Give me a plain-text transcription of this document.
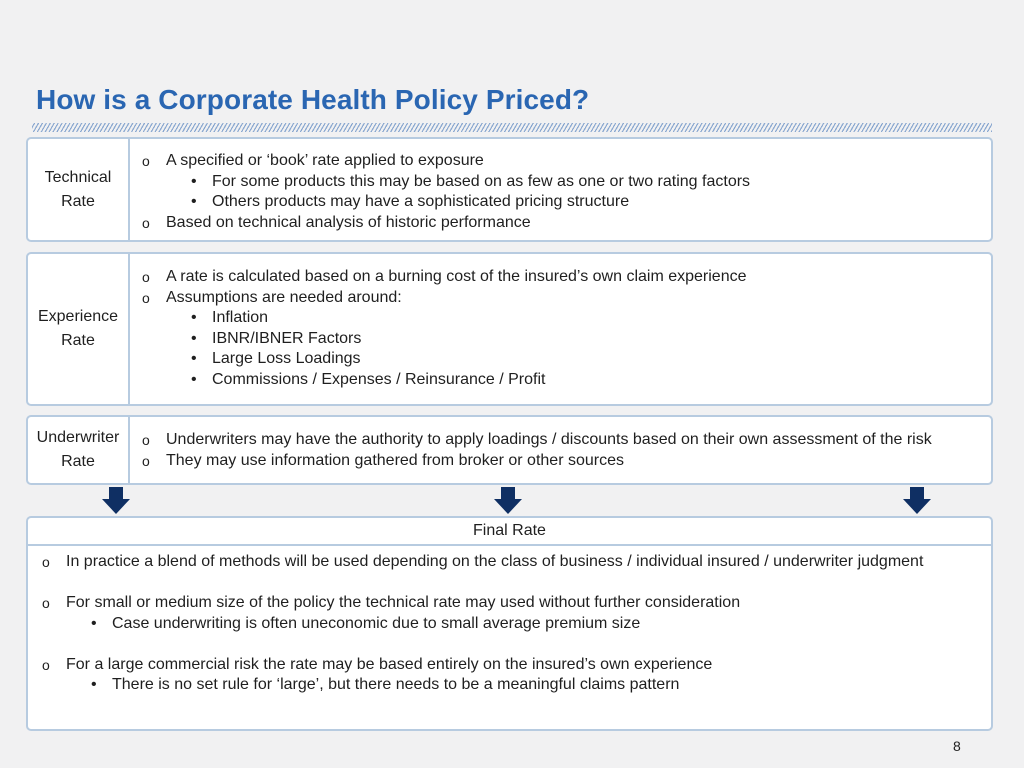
How is a Corporate Health Policy Priced?
Technical
Rate
o A specified or ‘book’ rate applied to exposure
• For some products this may be based on as few as one or two rating factors
• Others products may have a sophisticated pricing structure
o Based on technical analysis of historic performance
Experience
Rate
o A rate is calculated based on a burning cost of the insured’s own claim experience
o Assumptions are needed around:
• Inflation
• IBNR/IBNER Factors
• Large Loss Loadings
• Commissions / Expenses / Reinsurance / Profit
Underwriter
Rate
o Underwriters may have the authority to apply loadings / discounts based on their own assessment of the risk
o They may use information gathered from broker or other sources
Final Rate
o In practice a blend of methods will be used depending on the class of business / individual insured / underwriter judgment
o For small or medium size of the policy the technical rate may used without further consideration
• Case underwriting is often uneconomic due to small average premium size
o For a large commercial risk the rate may be based entirely on the insured’s own experience
• There is no set rule for ‘large’, but there needs to be a meaningful claims pattern
8
